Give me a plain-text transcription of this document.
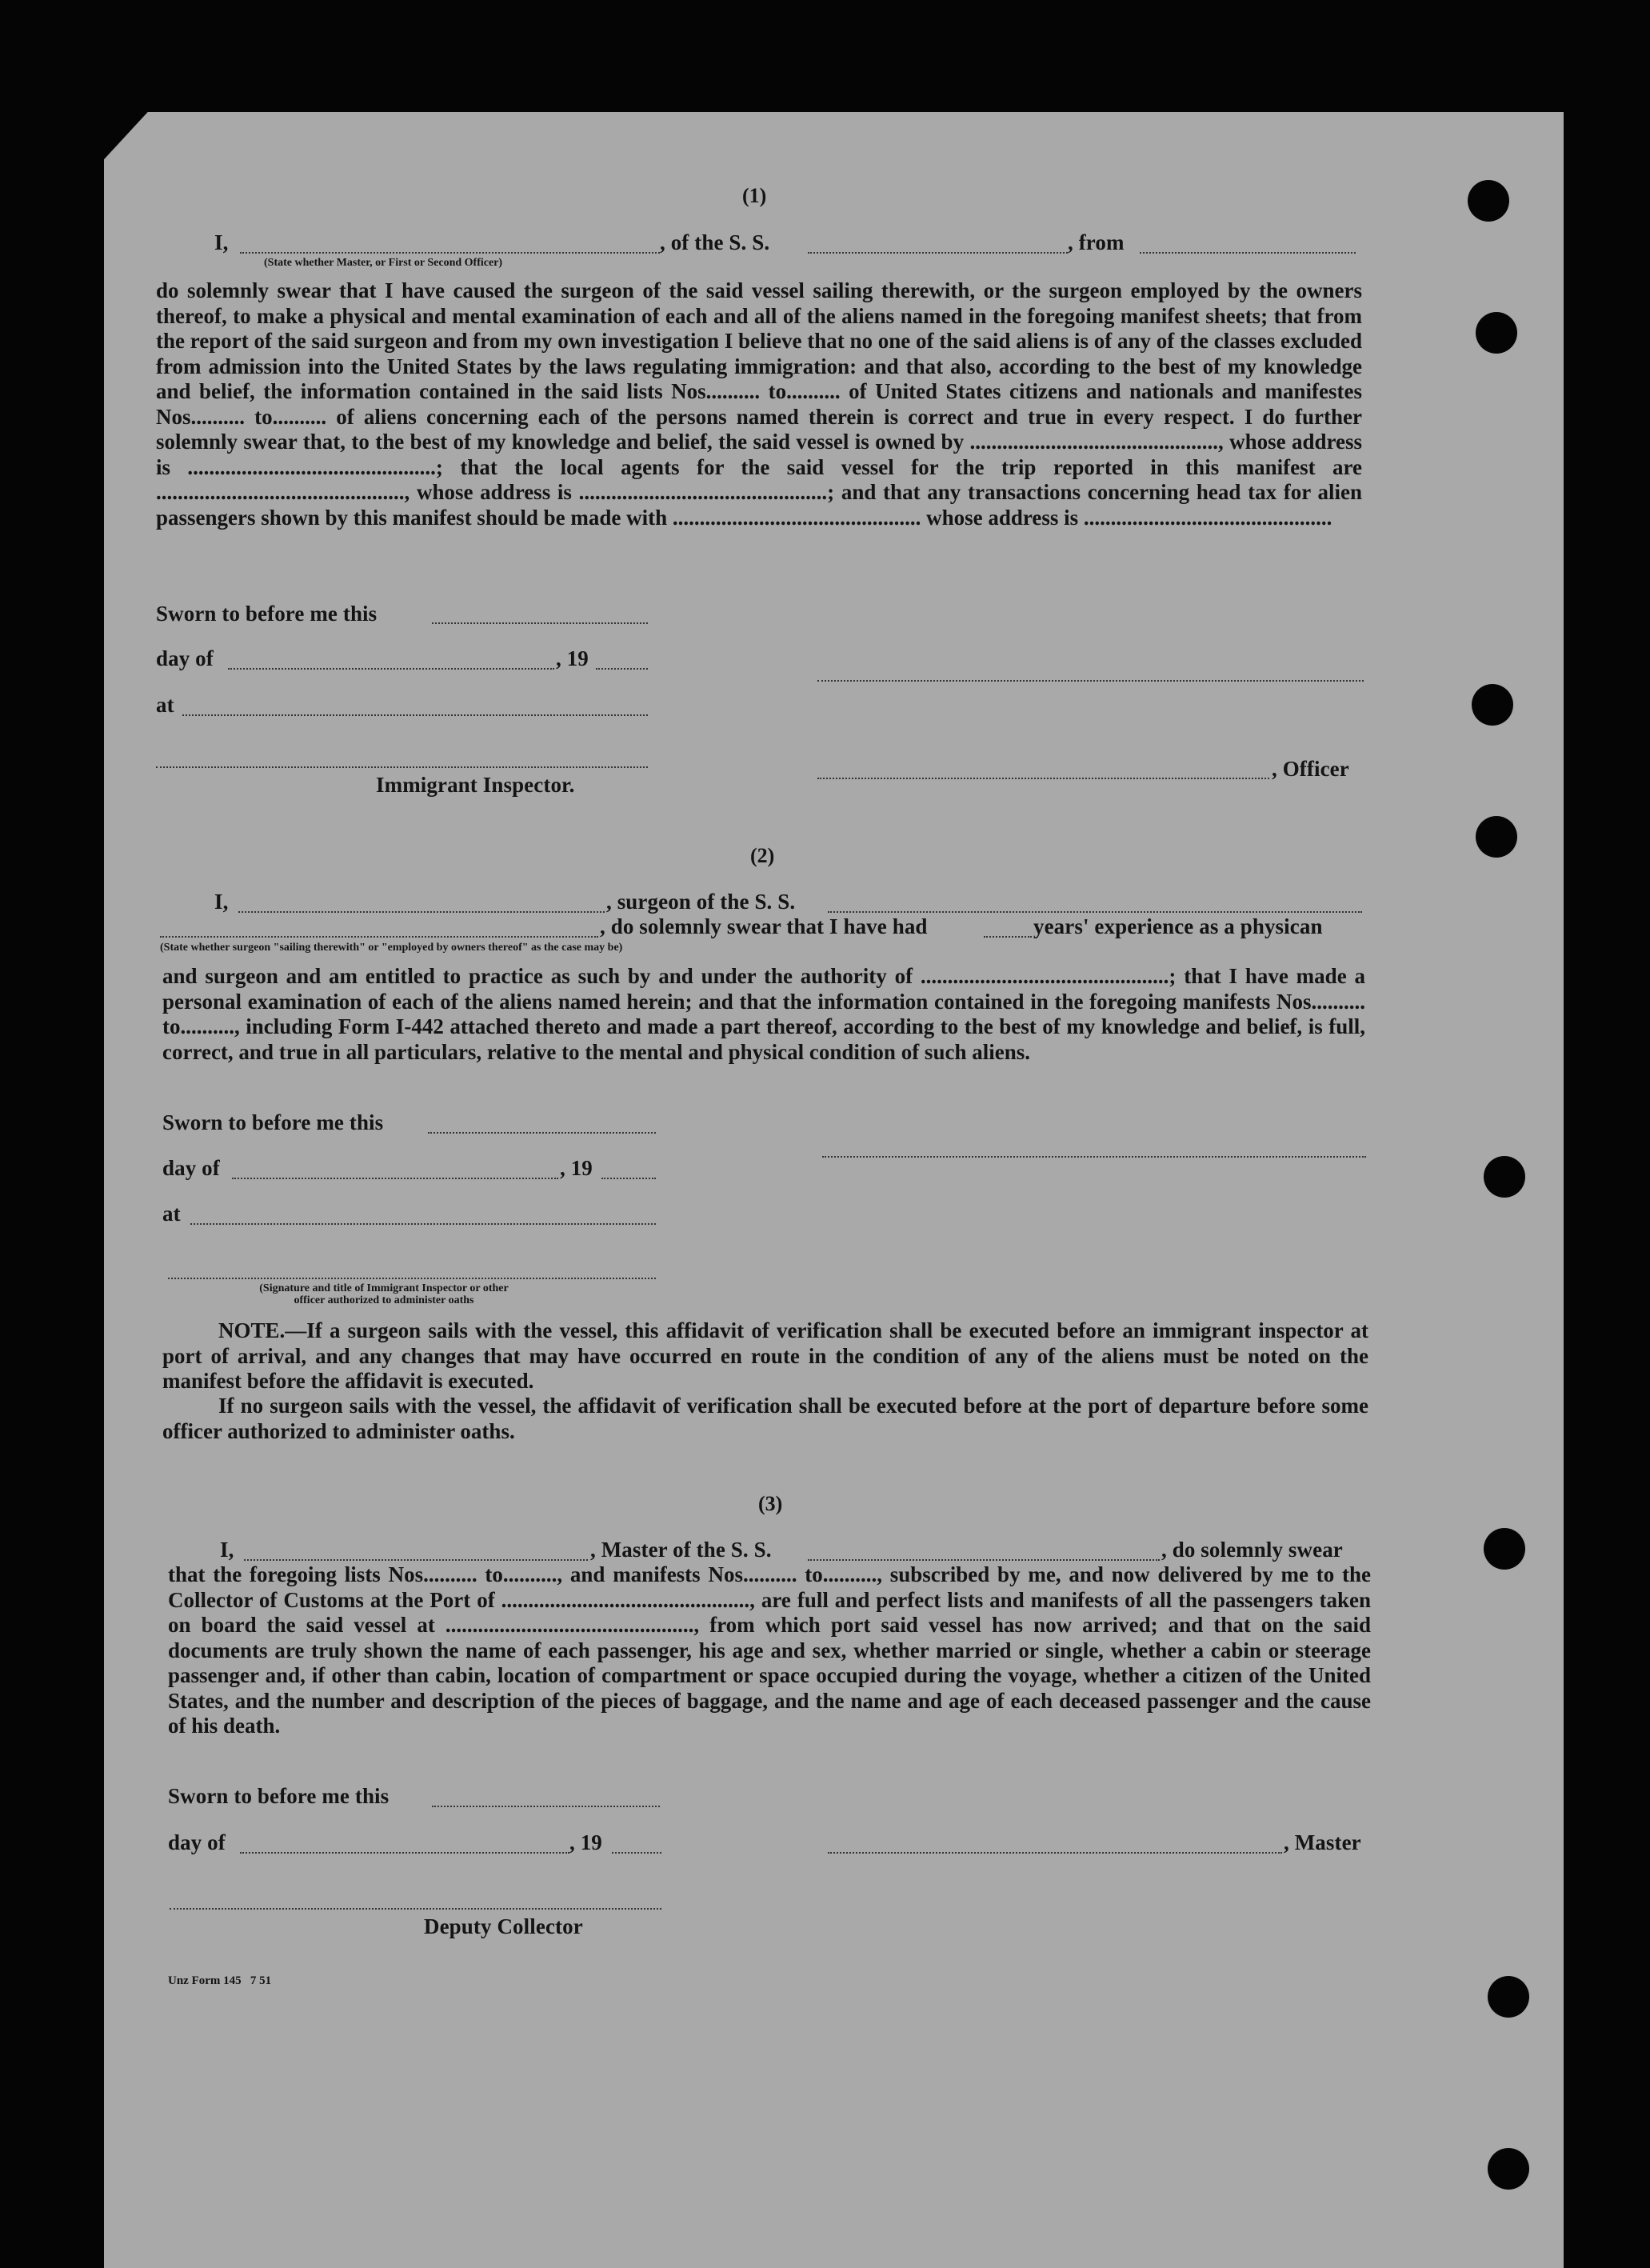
(1)
I,	, of the S. S.	, from
(State whether Master, or First or Second Officer)
do solemnly swear that I have caused the surgeon of the said vessel sailing therewith, or the surgeon employed by the owners thereof, to make a physical and mental examination of each and all of the aliens named in the foregoing manifest sheets; that from the report of the said surgeon and from my own investigation I believe that no one of the said aliens is of any of the classes excluded from admission into the United States by the laws regulating immigration: and that also, according to the best of my knowledge and belief, the information contained in the said lists Nos.......... to.......... of United States citizens and nationals and manifestes Nos.......... to.......... of aliens concerning each of the persons named therein is correct and true in every respect. I do further solemnly swear that, to the best of my knowledge and belief, the said vessel is owned by .............................................., whose address is ..............................................; that the local agents for the said vessel for the trip reported in this manifest are .............................................., whose address is ..............................................; and that any transactions concerning head tax for alien passengers shown by this manifest should be made with .............................................. whose address is ..............................................
Sworn to before me this
day of	, 19
at
, Officer
Immigrant Inspector.
(2)
I,	, surgeon of the S. S.
, do solemnly swear that I have had	years' experience as a physican
(State whether surgeon "sailing therewith" or "employed by owners thereof" as the case may be)
and surgeon and am entitled to practice as such by and under the authority of ..............................................; that I have made a personal examination of each of the aliens named herein; and that the information contained in the foregoing manifests Nos.......... to.........., including Form I-442 attached thereto and made a part thereof, according to the best of my knowledge and belief, is full, correct, and true in all particulars, relative to the mental and physical condition of such aliens.
Sworn to before me this
day of	, 19
at
(Signature and title of Immigrant Inspector or other
officer authorized to administer oaths
NOTE.—If a surgeon sails with the vessel, this affidavit of verification shall be executed before an immigrant inspector at port of arrival, and any changes that may have occurred en route in the condition of any of the aliens must be noted on the manifest before the affidavit is executed.
If no surgeon sails with the vessel, the affidavit of verification shall be executed before at the port of departure before some officer authorized to administer oaths.
(3)
I,	, Master of the S. S.	, do solemnly swear
that the foregoing lists Nos.......... to.........., and manifests Nos.......... to.........., subscribed by me, and now delivered by me to the Collector of Customs at the Port of .............................................., are full and perfect lists and manifests of all the passengers taken on board the said vessel at .............................................., from which port said vessel has now arrived; and that on the said documents are truly shown the name of each passenger, his age and sex, whether married or single, whether a cabin or steerage passenger and, if other than cabin, location of compartment or space occupied during the voyage, whether a citizen of the United States, and the number and description of the pieces of baggage, and the name and age of each deceased passenger and the cause of his death.
Sworn to before me this
day of	, 19	, Master
Deputy Collector
Unz Form 145   7 51
